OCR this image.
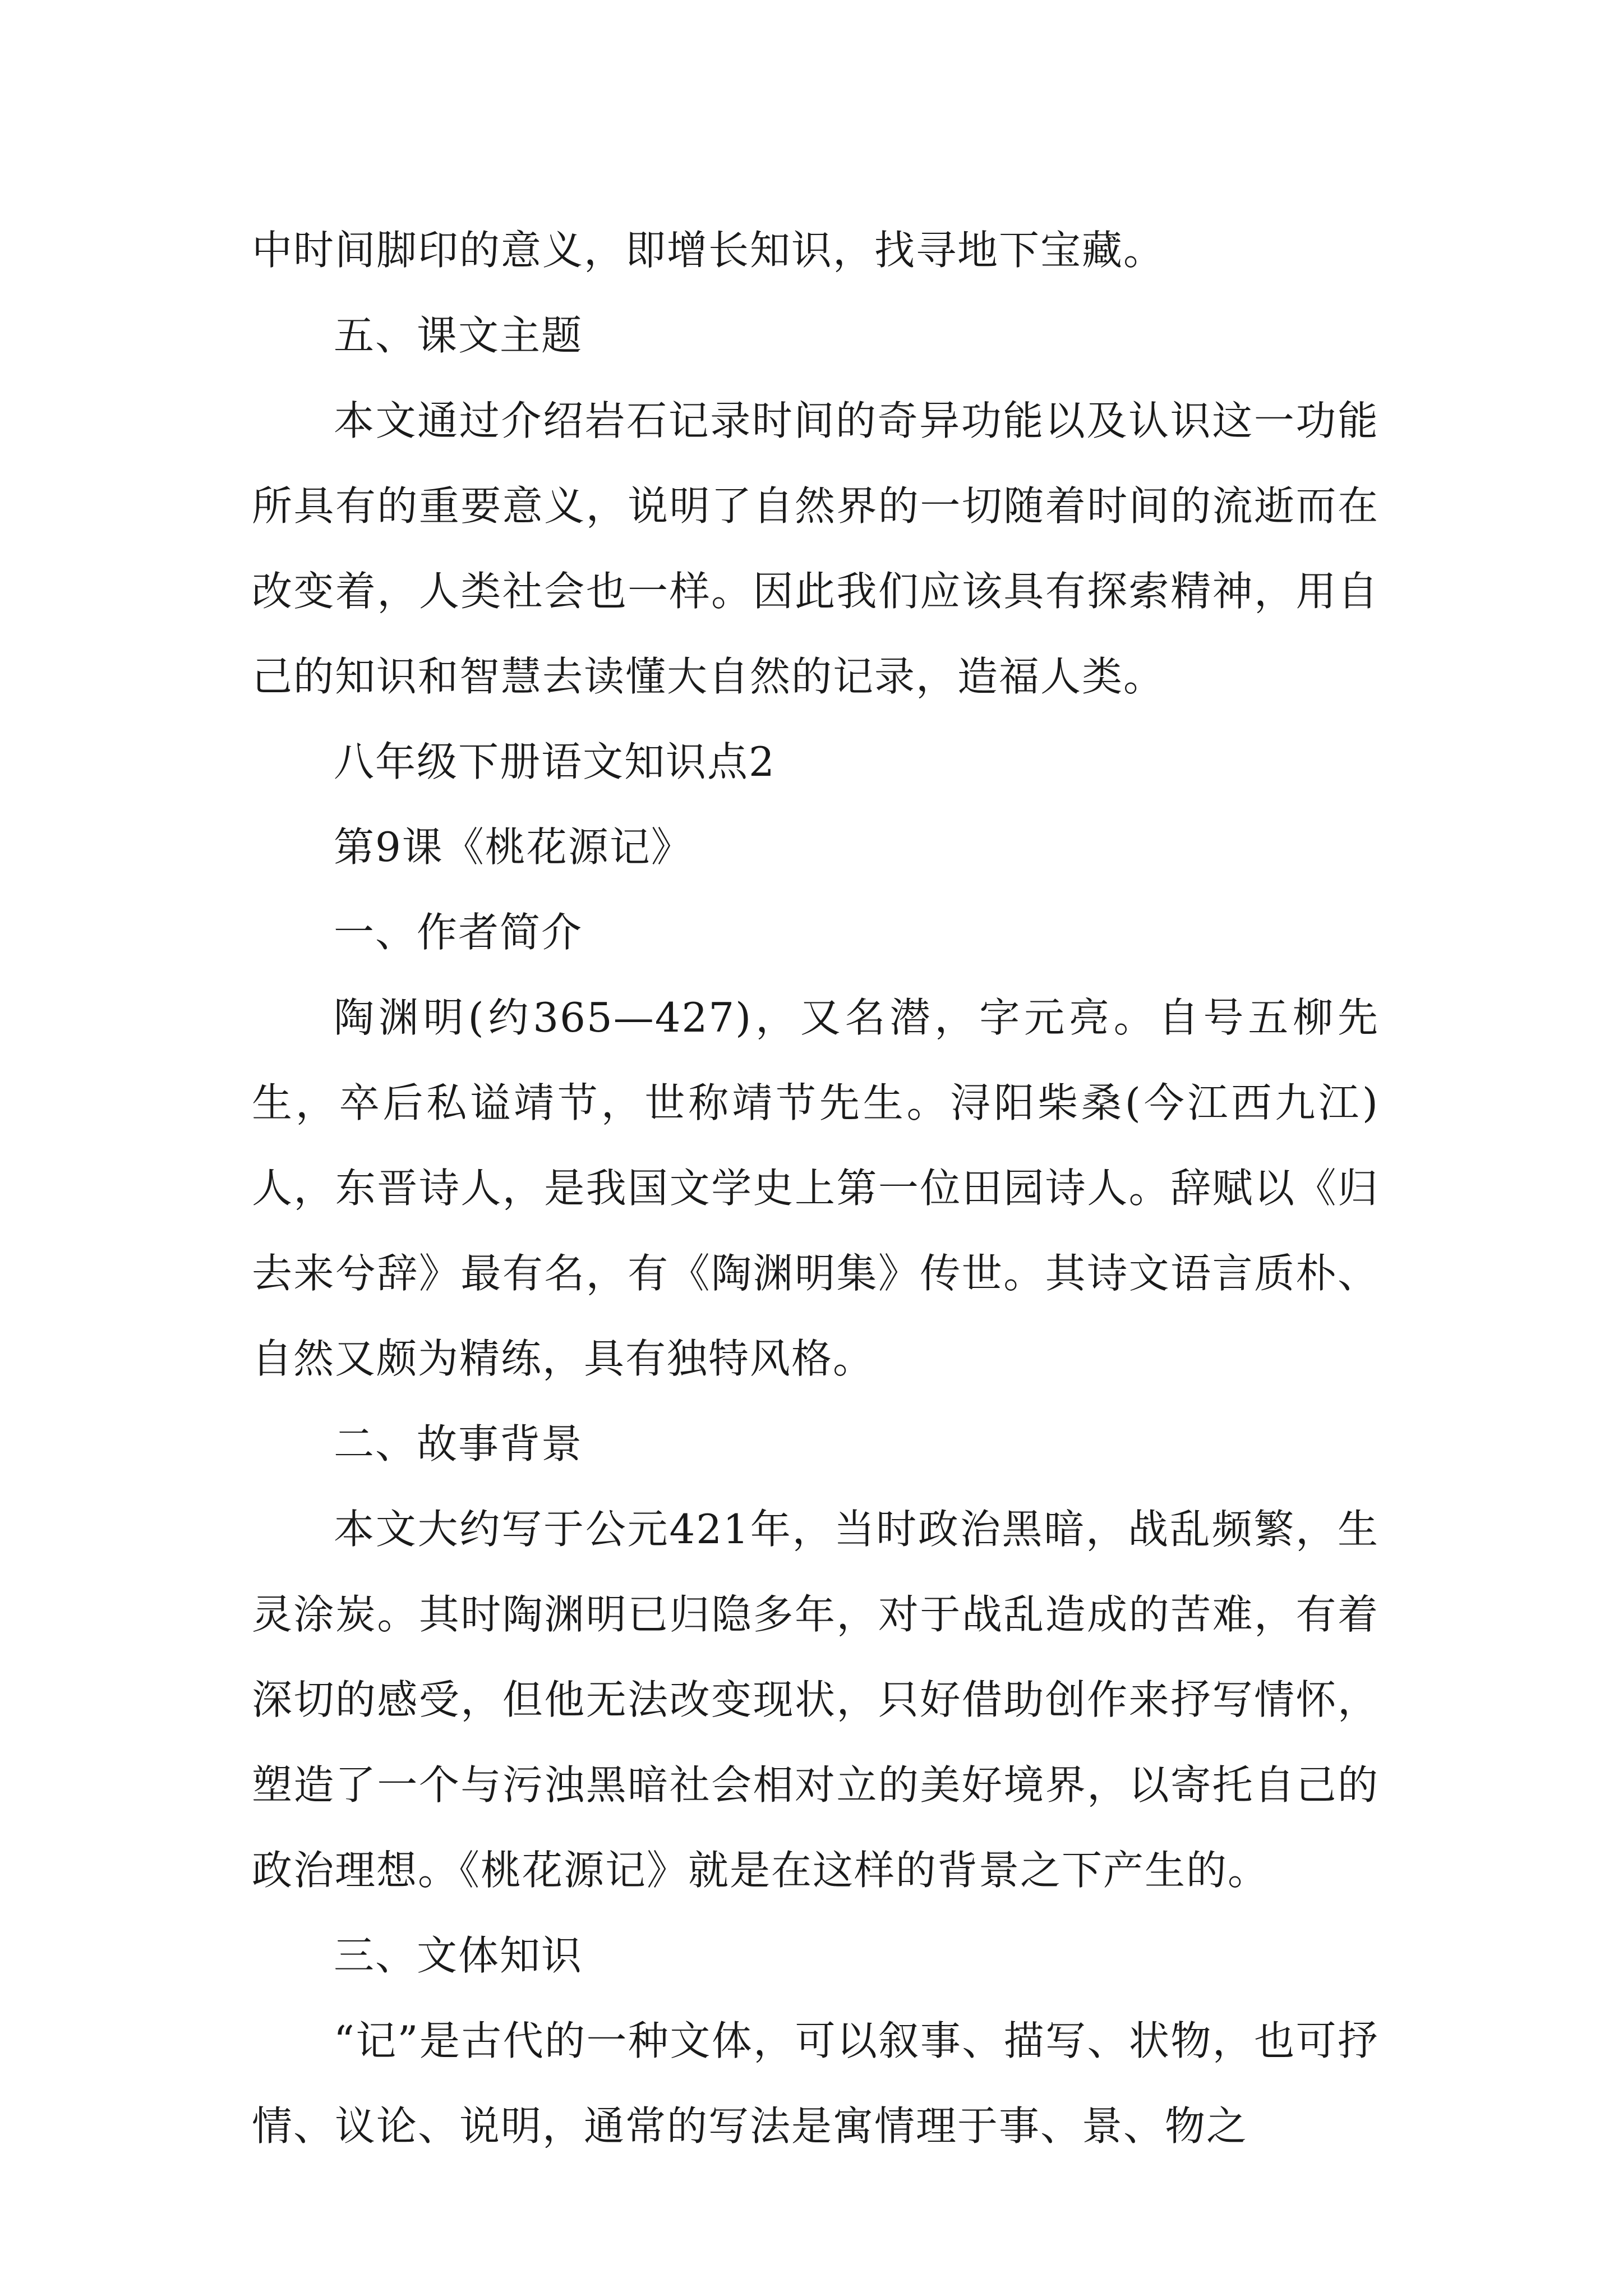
中时间脚印的意义，即增长知识，找寻地下宝藏。

五、课文主题

本文通过介绍岩石记录时间的奇异功能以及认识这一功能所具有的重要意义，说明了自然界的一切随着时间的流逝而在改变着，人类社会也一样。因此我们应该具有探索精神，用自己的知识和智慧去读懂大自然的记录，造福人类。

八年级下册语文知识点2

第9课《桃花源记》

一、作者简介

陶渊明(约365—427)，又名潜，字元亮。自号五柳先生，卒后私谥靖节，世称靖节先生。浔阳柴桑(今江西九江)人，东晋诗人，是我国文学史上第一位田园诗人。辞赋以《归去来兮辞》最有名，有《陶渊明集》传世。其诗文语言质朴、自然又颇为精练，具有独特风格。

二、故事背景

本文大约写于公元421年，当时政治黑暗，战乱频繁，生灵涂炭。其时陶渊明已归隐多年，对于战乱造成的苦难，有着深切的感受，但他无法改变现状，只好借助创作来抒写情怀，塑造了一个与污浊黑暗社会相对立的美好境界，以寄托自己的政治理想。《桃花源记》就是在这样的背景之下产生的。

三、文体知识

“记”是古代的一种文体，可以叙事、描写、状物，也可抒情、议论、说明，通常的写法是寓情理于事、景、物之
